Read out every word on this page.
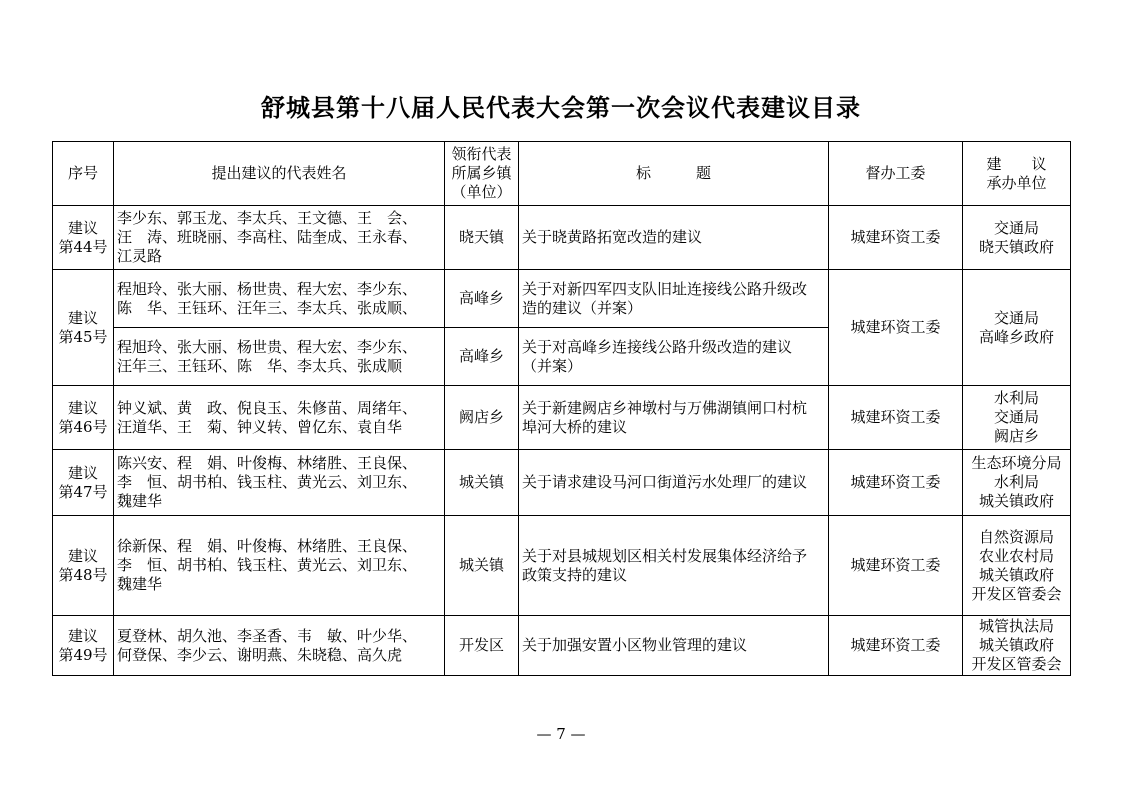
舒城县第十八届人民代表大会第一次会议代表建议目录
序号	提出建议的代表姓名	领衔代表
所属乡镇
（单位）	标　　　题	督办工委	建　　议
承办单位

建议
第44号	李少东、郭玉龙、李太兵、王文德、王　会、
汪　涛、班晓丽、李高柱、陆奎成、王永春、
江灵路	晓天镇	关于晓黄路拓宽改造的建议	城建环资工委	交通局
晓天镇政府

建议
第45号	程旭玲、张大丽、杨世贵、程大宏、李少东、
陈　华、王钰环、汪年三、李太兵、张成顺、	高峰乡	关于对新四军四支队旧址连接线公路升级改
造的建议（并案）	城建环资工委	交通局
高峰乡政府

	程旭玲、张大丽、杨世贵、程大宏、李少东、
汪年三、王钰环、陈　华、李太兵、张成顺	高峰乡	关于对高峰乡连接线公路升级改造的建议
（并案）		

建议
第46号	钟义斌、黄　政、倪良玉、朱修苗、周绪年、
汪道华、王　菊、钟义转、曾亿东、袁自华	阙店乡	关于新建阙店乡神墩村与万佛湖镇闸口村杭
埠河大桥的建议	城建环资工委	水利局
交通局
阙店乡

建议
第47号	陈兴安、程　娟、叶俊梅、林绪胜、王良保、
李　恒、胡书柏、钱玉柱、黄光云、刘卫东、
魏建华	城关镇	关于请求建设马河口街道污水处理厂的建议	城建环资工委	生态环境分局
水利局
城关镇政府

建议
第48号	徐新保、程　娟、叶俊梅、林绪胜、王良保、
李　恒、胡书柏、钱玉柱、黄光云、刘卫东、
魏建华	城关镇	关于对县城规划区相关村发展集体经济给予
政策支持的建议	城建环资工委	自然资源局
农业农村局
城关镇政府
开发区管委会

建议
第49号	夏登林、胡久池、李圣香、韦　敏、叶少华、
何登保、李少云、谢明燕、朱晓稳、高久虎	开发区	关于加强安置小区物业管理的建议	城建环资工委	城管执法局
城关镇政府
开发区管委会
— 7 —
